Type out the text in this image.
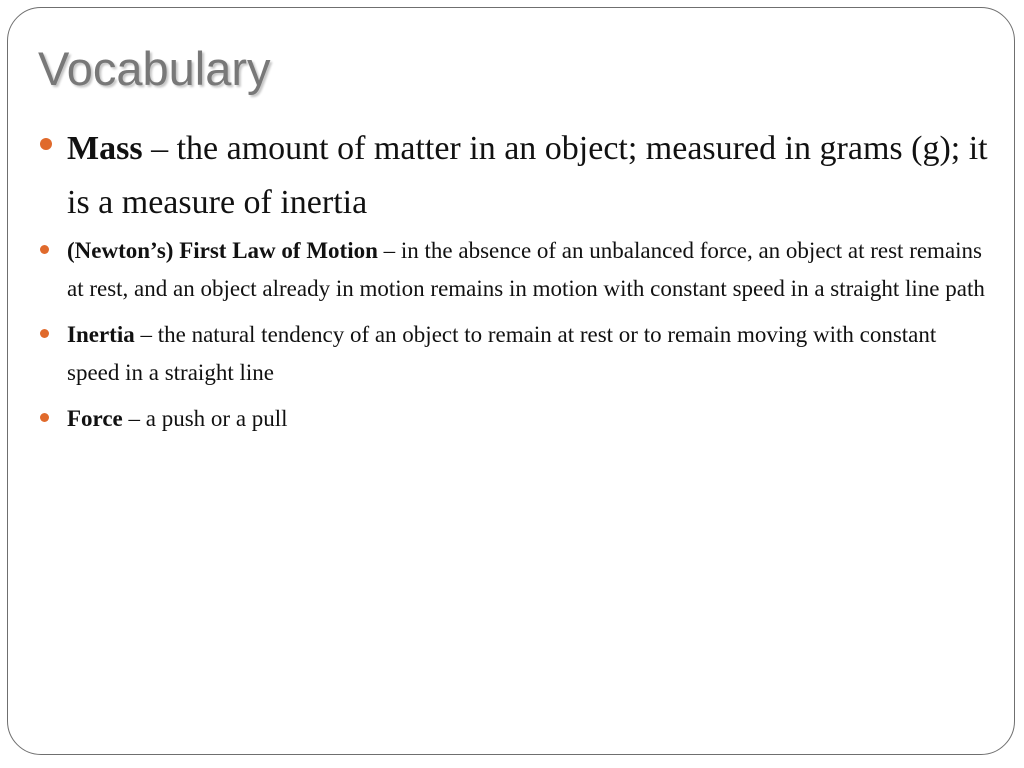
Vocabulary
Mass – the amount of matter in an object; measured in grams (g); it is a measure of inertia
(Newton’s) First Law of Motion – in the absence of an unbalanced force, an object at rest remains at rest, and an object already in motion remains in motion with constant speed in a straight line path
Inertia – the natural tendency of an object to remain at rest or to remain moving with constant speed in a straight line
Force – a push or a pull
